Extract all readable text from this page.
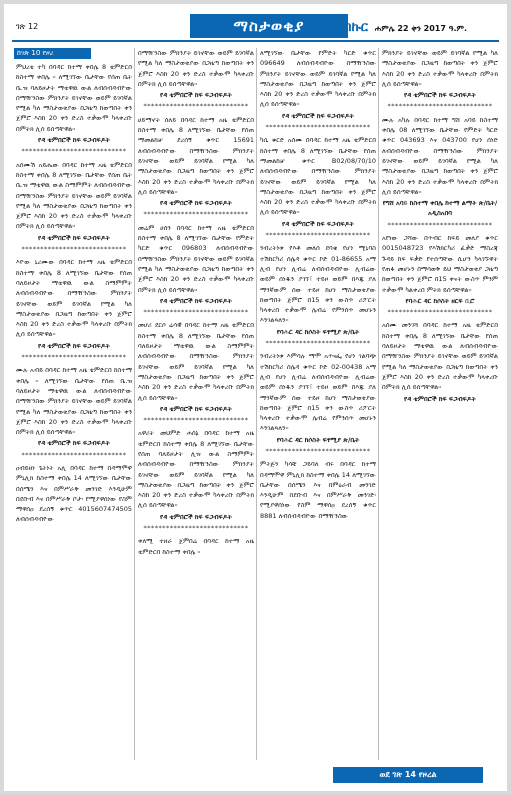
ገጽ 12	ማስታወቂያ	በኩር ሐምሌ 22 ቀን 2017 ዓ.ም.
ከገጽ 10 የዞረ

ምህረቴ ተካ በባዳር ከተማ ቀበሌ 8 ቴምድርበ ከስተማ ቀበሌ ። ለሚገኘው ቤታቸው የሰጠ ቤት ቤ.ዝ ባለይዞታት ማቴዋዉ ውል ለብሰብዳብዮው በማዥንስው ምክንያት ይገኖቸው ወይም ይገባኛል የሚል ካለ ማስታወቂያው በጋዜጣ ከወጣበት ቀን ጀምሮ እስከ 20 ቀን ድረስ ተቃውሞ ካላቀረቡ በምትክ ሊሰ ይሰጣቸዋል።

የዳ ቴምበሮች ከፍ ፍጋብፍዶት
****************************

አሰሙሽ አይሔው በባዳር ከተማ አዜ ቴምድርበ ከስተማ ቀበሌ 8 ለሚገኘው ቤታቸው የሰጠ ቤት ቤ.ዝ ማቴዋዉ ውል ስማምምት ለብሰብዳብዮው በማዥንስው ምክንያት ይገኖቸው ወይም ይገባኛል የሚል ካለ ማስታወቂያው በጋዜጣ ከወጣበት ቀን ጀምሮ እስከ 20 ቀን ድረስ ተቃውሞ ካላቀረቡ በምትክ ሊሰ ይሰጣቸዋል።

የዳ ቴምበሮች ከፍ ፍጋብፍዶት
****************************

እዮው ኒረሙው በባዳር ከተማ አዜ ቴምድርበ ከስተማ ቀበሌ 8 ለሚገኘው ቤታቸው የሰጠ ባለይዞታት ማቴዋዉ ውል ስማምምት ለብሰብዳብዮው በማዥንስው ምክንያት ይገኖቸው ወይም ይገባኛል የሚል ካለ ማስታወቂያው በጋዜጣ ከወጣበት ቀን ጀምሮ እስከ 20 ቀን ድረስ ተቃውሞ ካላቀረቡ በምትክ ሊሰ ይሰጣቸዋል።

የዳ ቴምበሮች ከፍ ፍጋብፍዶት
****************************

ሙሉ አብይ በባዳር ከተማ አዜ ቴምድርበ ከስተማ ቀበሌ ። ለሚገኘው ቤታቸው የሰጠ ቤ.ዝ ባለይዞታት ማቴዋዉ ውል ለብሰብዳብዮው በማዥንስው ምክንያት ይገኖቸው ወይም ይገባኛል የሚል ካለ ማስታወቂያው በጋዜጣ ከወጣበት ቀን ጀምሮ እስከ 20 ቀን ድረስ ተቃውሞ ካላቀረቡ በምትክ ሊሰ ይሰጣቸዋል።

የዳ ቴምበሮች ከፍ ፍጋብፍዶት
****************************

ዐብይዘነ ጌትነት አሊ በባዳር ከተማ በዳማሞዋ ምኒሊክ ከስተማ ቀበሌ 14 ለሚገኘው ቤታቸው በሰሜን እና በምሥራቅ መንገድ እንዲሁም በደቡብ እና በምሥራቅ ቦታ፡ የሚያዋሰነው የስም ማዋሰዐ ደረሰኝ ቁጥር 4015607474505 ለብሰብዳብዮው

በማዥንስው ምክንያት ይገኖቸው ወይም ይገባኛል የሚል ካለ ማስታወቂያው በጋዜጣ ከወጣበት ቀን ጀምሮ እስከ 20 ቀን ድረስ ተቃውሞ ካላቀረቡ በምትክ ሊሰ ይሰጣቸዋል።

የዳ ቴምበሮች ከፍ ፍጋብፍዶት
****************************

ሀይማኖት ሰለይ በባዳር ከተማ አዜ ቴምድርበ ከስተማ ቀበሌ 8 ለሚገኘው ቤታቸው የሰጠ ማመልከቻ ደረሰኝ ቁጥር 15691 ለብሰብዳብዮው በማዥንስው ምክንያት ይገኖቸው ወይም ይገባኛል የሚል ካለ ማስታወቂያው በጋዜጣ ከወጣበት ቀን ጀምሮ እስከ 20 ቀን ድረስ ተቃውሞ ካላቀረቡ በምትክ ሊሰ ይሰጣቸዋል።

የዳ ቴምበሮች ከፍ ፍጋብፍዶት
****************************

መሬም ሀሰን በባዳር ከተማ አዜ ቴምድርበ ከስተማ ቀበሌ 8 ለሚገኘው ቤታቸው የምድት ካርድ ቁጥር 096803 ለብሰብዳብዮው በማዥንስው ምክንያት ይገኖቸው ወይም ይገባኛል የሚል ካለ ማስታወቂያው በጋዜጣ ከወጣበት ቀን ጀምሮ እስከ 20 ቀን ድረስ ተቃውሞ ካላቀረቡ በምትክ ሊሰ ይሰጣቸዋል።

የዳ ቴምበሮች ከፍ ፍጋብፍዶት
****************************

መሆሪ ደርሶ ሬሳዊ በባዳር ከተማ አዜ ቴምድርበ ከስተማ ቀበሌ 8 ለሚገኘው ቤታቸው የሰጠ ባለይዞታት ማቴዋዉ ውል ስማምምት ለብሰብዳብዮው በማዥንስው ምክንያት ይገኖቸው ወይም ይገባኛል የሚል ካለ ማስታወቂያው በጋዜጣ ከወጣበት ቀን ጀምሮ እስከ 20 ቀን ድረስ ተቃውሞ ካላቀረቡ በምትክ ሊሰ ይሰጣቸዋል።

የዳ ቴምበሮች ከፍ ፍጋብፍዶት
****************************

አዋሪት መህምድ ሐሰኔ በባዳር ከተማ አዜ ቴምድርበ ከስተማ ቀበሌ 8 ለሚገኘው ቤታቸው የሰጠ ባለይዞታት ሊዝ ውል ስማምምት ለብሰብዳብዮው በማዥንስው ምክንያት ይገኖቸው ወይም ይገባኛል የሚል ካለ ማስታወቂያው በጋዜጣ ከወጣበት ቀን ጀምሮ እስከ 20 ቀን ድረስ ተቃውሞ ካላቀረቡ በምትክ ሊሰ ይሰጣቸዋል።

የዳ ቴምበሮች ከፍ ፍጋብፍዶት
****************************

ቀለሚ ተዘራ ጀምበሬ በባዳር ከተማ አዜ ቴምድርበ ከስተማ ቀበሌ ።

ለሚገኘው ቤታቸው የምድት ካርድ ቁጥር 096649 ለብሰብዳብዮው በማዥንስው ምክንያት ይገኖቸው ወይም ይገባኛል የሚል ካለ ማስታወቂያው በጋዜጣ ከወጣበት ቀን ጀምሮ እስከ 20 ቀን ድረስ ተቃውሞ ካላቀረቡ በምትክ ሊሰ ይሰጣቸዋል።

የዳ ቴምበሮች ከፍ ፍጋብፍዶት
****************************

ካሴ ቁርድ አሰሙ በባዳር ከተማ አዜ ቴምድርበ ከስተማ ቀበሌ 8 ለሚገኘው ቤታቸው የሰጠ ማመልከቻ ቁጥር B02/08/70/10 ለብሰብዳብዮው በማዥንስው ምክንያት ይገኖቸው ወይም ይገባኛል የሚል ካለ ማስታወቂያው በጋዜጣ ከወጣበት ቀን ጀምሮ እስከ 20 ቀን ድረስ ተቃውሞ ካላቀረቡ በምትክ ሊሰ ይሰጣቸዋል።

የዳ ቴምበሮች ከፍ ፍጋብፍዶት
****************************

ንብረትነቱ የእቶ መለሰ ደባቄ የሆነ ሚኒባስ ተሽከርካሪ ሰሌዳ ቁጥር ኮድ 01-86655 አማ ሊብ የሆነ ሊብሬ ለብሰብዳብዮው ሊብሬው ወይም ሰነዱን ያገኘ፣ ተይዞ ወይም በእጁ ያለ ማንኛውም ሰው ተይዞ ከሆነ ማስታወቂያው ከወጣበት ጀምሮ በ15 ቀን ውስጥ ሪፖርት ካላቀረበ ተቃውሞ ሌብሬ የምንሰጥ መሆኑን እንገልጻለን።

የባሕር ዳር ከሶስት ፍፃሚያ ጽ/ቤት
****************************

ንብረትነቱ እምሳሉ ማሞ አጥናፌ የሆነ ገልባጭ ተሽከርካሪ ሰሌዳ ቁጥር ኮድ 02-00438 አማ ሊብ የሆነ ሊብሬ ለብሰብዳብዮው ሊብሬው ወይም ሰነዱን ያገኘ፣ ተይዞ ወይም በእጁ ያለ ማንኛውም ሰው ተይዞ ከሆነ ማስታወቂያው ከወጣበት ጀምሮ በ15 ቀን ውስጥ ሪፖርት ካላቀረቡ ተቃውሞ ሌብሬ የምንሰጥ መሆኑን እንገልጻለን።

የባሕር ዳር ከሶስት ፍፃሚያ ጽ/ቤት
****************************

ምትጅን ካሳቹ ጋይባለ ብሩ በባዳር ከተማ በዳማሞዋ ምኒሊክ ከስተማ ቀበሌ 14 ለሚገኘው ቤታቸው በሰሜን እና በምዕራብ መንገድ እንዲሁም በደቡብ እና በምሥራቅ መንገድ፡ የሚያዋሰነው የስም ማዋሰዐ ደረሰኝ ቁጥር 8881 ለብሰብዳብዮው በማዥንስው

ምክንያት ይገኖቸው ወይም ይገባኛል የሚል ካለ ማስታወቂያው በጋዜጣ ከወጣበት ቀን ጀምሮ እስከ 20 ቀን ድረስ ተቃውሞ ካላቀረቡ በምትክ ሊሰ ይሰጣቸዋል።

የዳ ቴምበሮች ከፍ ፍጋብፍዶት
****************************

ሙሉ አካሉ በባዳር ከተማ ግሸ አባይ ከስተማ ቀበሌ 08 ለሚገኘው ቤታቸው የምድት ካርድ ቁጥር 043693 እና 043700 የሆነ ሰነድ ለብሰብዳብዮው በማዥንስው ምክንያት ይገኖቸው ወይም ይገባኛል የሚል ካለ ማስታወቂያው በጋዜጣ ከወጣበት ቀን ጀምሮ እስከ 20 ቀን ድረስ ተቃውሞ ካላቀረቡ በምትክ ሊሰ ይሰጣቸዋል።

የግሸ አባይ ከስተማ ቀበሌ ከተማ ልማት ጽ/ቤት/ አዲስአበባ
****************************

አየነው ጋሻው በጥብር ከፍይ መለያ ቁጥር 0015048723 የእሽክርካሪ ፈቃድ ማስረጃ ጉዳይ ከፍ ፍቃድ የተሰጣቸው ሲሆን ካላገኙዋት የጠፋ መሆኑን በማሳወቅ ይህ ማስታወቂያ ጋዜጣ ከወጣበት ቀን ጀምሮ በ15 ቀናት ውስጥ ምንም ተቃውሞ ካልቀረበ ምትክ ይሰጣቸዋል።

የባሕር ዳር ከሶስት ዘርፍ ቢሮ
****************************

አሰሙ መንገሻ በባዳር ከተማ አዜ ቴምድርበ ከስተማ ቀበሌ 8 ለሚገኘው ቤታቸው የሰጠ ባለይዞታት ማቴዋዉ ውል ለብሰብዳብዮው በማዥንስው ምክንያት ይገኖቸው ወይም ይገባኛል የሚል ካለ ማስታወቂያው በጋዜጣ ከወጣበት ቀን ጀምሮ እስከ 20 ቀን ድረስ ተቃውሞ ካላቀረቡ በምትክ ሊሰ ይሰጣቸዋል።

የዳ ቴምበሮች ከፍ ፍጋብፍዶት
ወደ ገጽ 14 የዞረል
